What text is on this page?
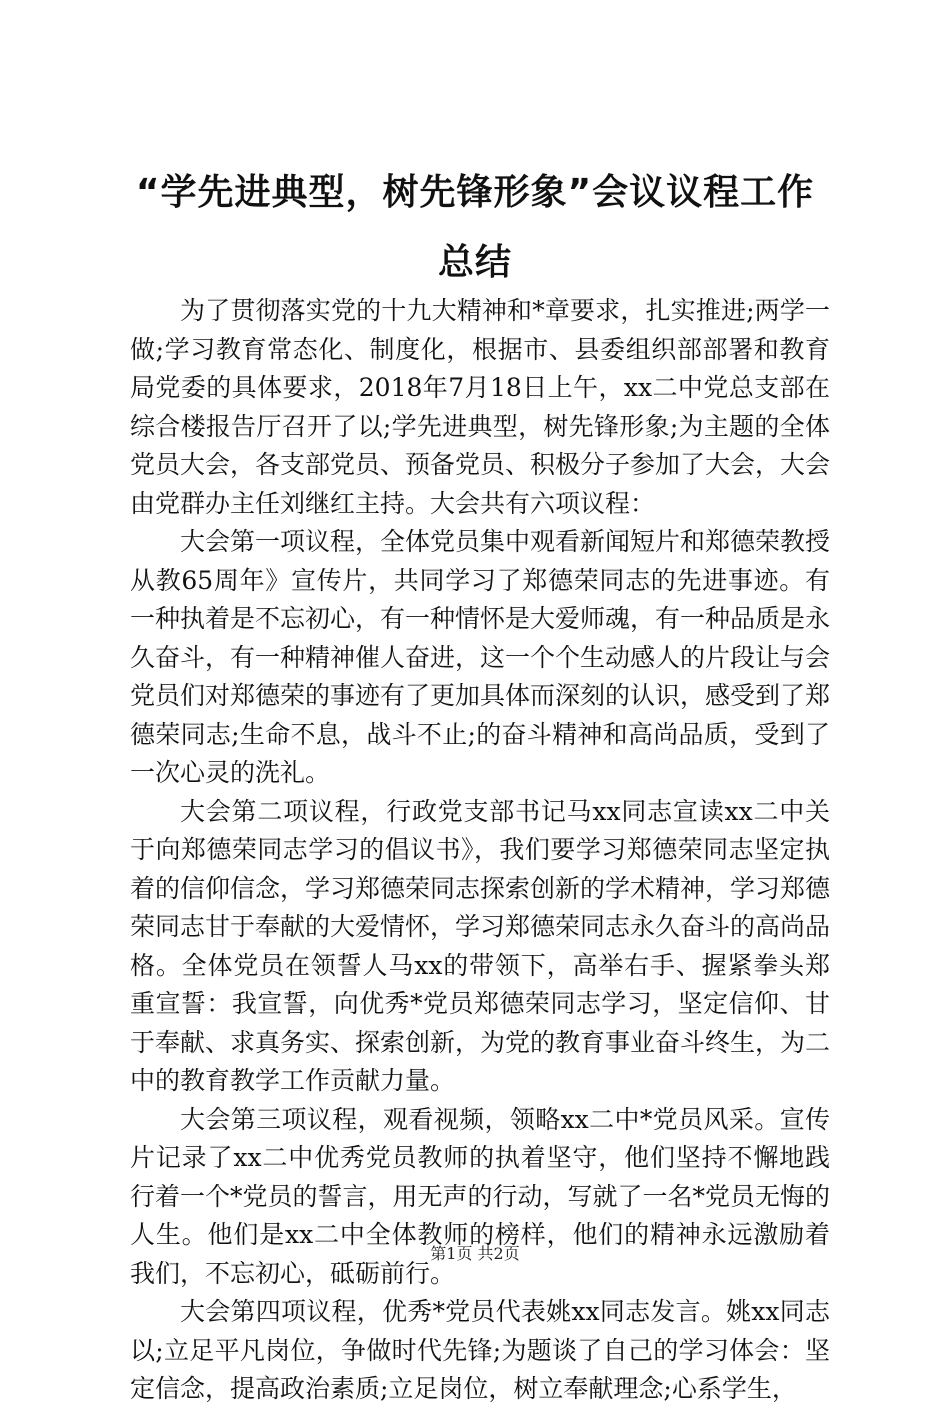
“学先进典型，树先锋形象”会议议程工作总结

为了贯彻落实党的十九大精神和*章要求，扎实推进;两学一做;学习教育常态化、制度化，根据市、县委组织部部署和教育局党委的具体要求，2018年7月18日上午，xx二中党总支部在综合楼报告厅召开了以;学先进典型，树先锋形象;为主题的全体党员大会，各支部党员、预备党员、积极分子参加了大会，大会由党群办主任刘继红主持。大会共有六项议程：

大会第一项议程，全体党员集中观看新闻短片和郑德荣教授从教65周年》宣传片，共同学习了郑德荣同志的先进事迹。有一种执着是不忘初心，有一种情怀是大爱师魂，有一种品质是永久奋斗，有一种精神催人奋进，这一个个生动感人的片段让与会党员们对郑德荣的事迹有了更加具体而深刻的认识，感受到了郑德荣同志;生命不息，战斗不止;的奋斗精神和高尚品质，受到了一次心灵的洗礼。

大会第二项议程，行政党支部书记马xx同志宣读xx二中关于向郑德荣同志学习的倡议书》，我们要学习郑德荣同志坚定执着的信仰信念，学习郑德荣同志探索创新的学术精神，学习郑德荣同志甘于奉献的大爱情怀，学习郑德荣同志永久奋斗的高尚品格。全体党员在领誓人马xx的带领下，高举右手、握紧拳头郑重宣誓：我宣誓，向优秀*党员郑德荣同志学习，坚定信仰、甘于奉献、求真务实、探索创新，为党的教育事业奋斗终生，为二中的教育教学工作贡献力量。

大会第三项议程，观看视频，领略xx二中*党员风采。宣传片记录了xx二中优秀党员教师的执着坚守，他们坚持不懈地践行着一个*党员的誓言，用无声的行动，写就了一名*党员无悔的人生。他们是xx二中全体教师的榜样，他们的精神永远激励着我们，不忘初心，砥砺前行。

大会第四项议程，优秀*党员代表姚xx同志发言。姚xx同志以;立足平凡岗位，争做时代先锋;为题谈了自己的学习体会：坚定信念，提高政治素质;立足岗位，树立奉献理念;心系学生，

第1页 共2页
